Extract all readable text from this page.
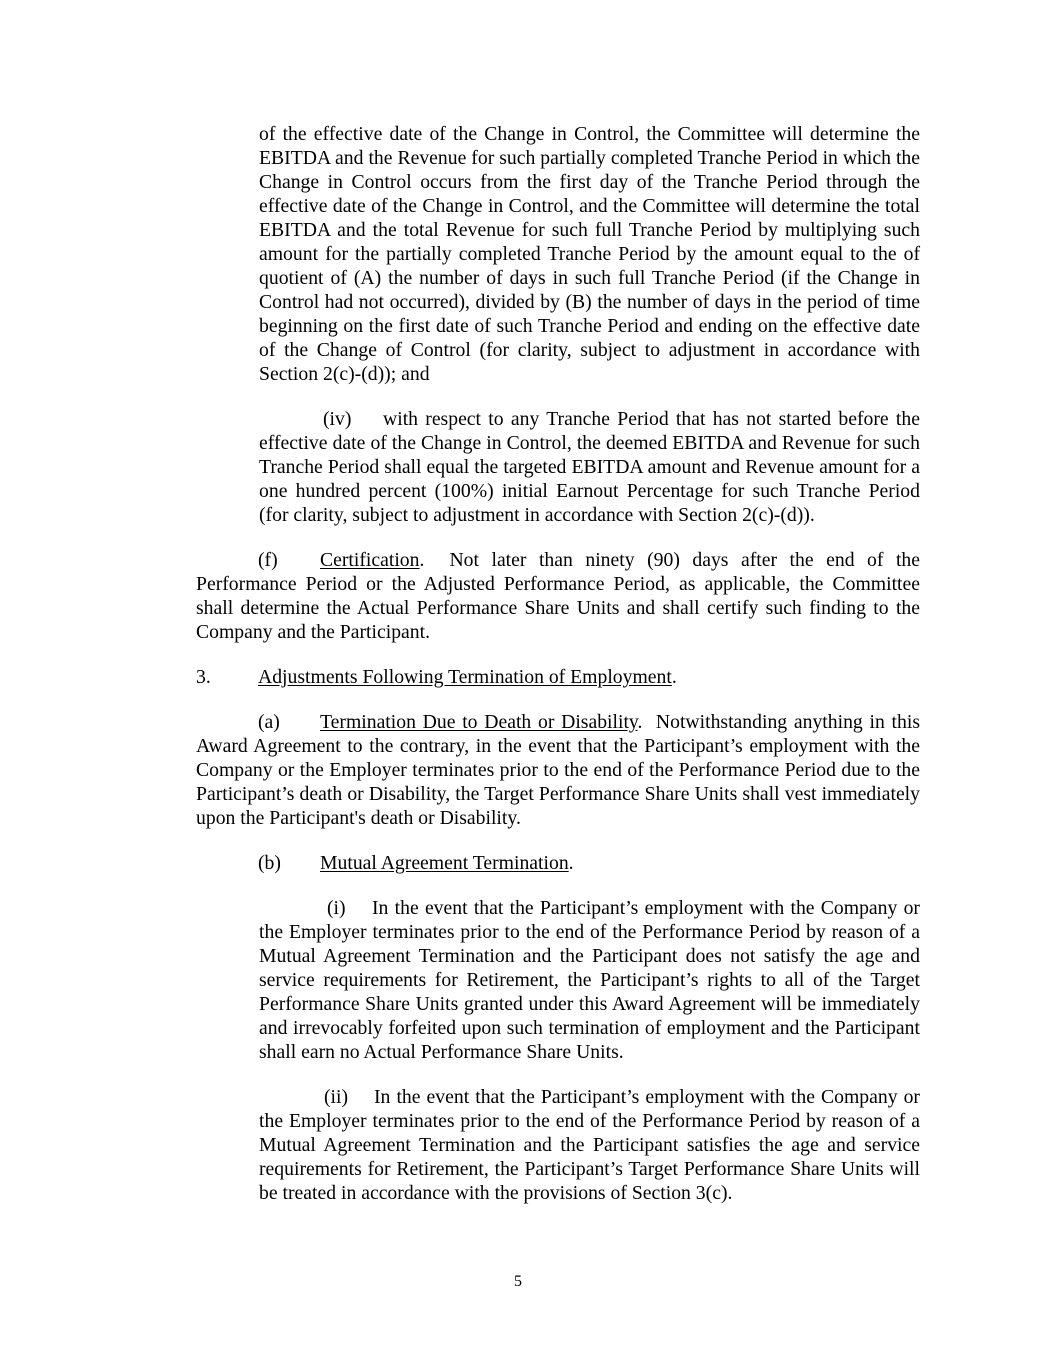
of the effective date of the Change in Control, the Committee will determine the EBITDA and the Revenue for such partially completed Tranche Period in which the Change in Control occurs from the first day of the Tranche Period through the effective date of the Change in Control, and the Committee will determine the total EBITDA and the total Revenue for such full Tranche Period by multiplying such amount for the partially completed Tranche Period by the amount equal to the of quotient of (A) the number of days in such full Tranche Period (if the Change in Control had not occurred), divided by (B) the number of days in the period of time beginning on the first date of such Tranche Period and ending on the effective date of the Change of Control (for clarity, subject to adjustment in accordance with Section 2(c)-(d)); and

(iv) with respect to any Tranche Period that has not started before the effective date of the Change in Control, the deemed EBITDA and Revenue for such Tranche Period shall equal the targeted EBITDA amount and Revenue amount for a one hundred percent (100%) initial Earnout Percentage for such Tranche Period (for clarity, subject to adjustment in accordance with Section 2(c)-(d)).

(f) Certification.  Not later than ninety (90) days after the end of the Performance Period or the Adjusted Performance Period, as applicable, the Committee shall determine the Actual Performance Share Units and shall certify such finding to the Company and the Participant.

3. Adjustments Following Termination of Employment.

(a) Termination Due to Death or Disability.  Notwithstanding anything in this Award Agreement to the contrary, in the event that the Participant’s employment with the Company or the Employer terminates prior to the end of the Performance Period due to the Participant’s death or Disability, the Target Performance Share Units shall vest immediately upon the Participant's death or Disability.

(b) Mutual Agreement Termination.

(i) In the event that the Participant’s employment with the Company or the Employer terminates prior to the end of the Performance Period by reason of a Mutual Agreement Termination and the Participant does not satisfy the age and service requirements for Retirement, the Participant’s rights to all of the Target Performance Share Units granted under this Award Agreement will be immediately and irrevocably forfeited upon such termination of employment and the Participant shall earn no Actual Performance Share Units.

(ii) In the event that the Participant’s employment with the Company or the Employer terminates prior to the end of the Performance Period by reason of a Mutual Agreement Termination and the Participant satisfies the age and service requirements for Retirement, the Participant’s Target Performance Share Units will be treated in accordance with the provisions of Section 3(c).

5
